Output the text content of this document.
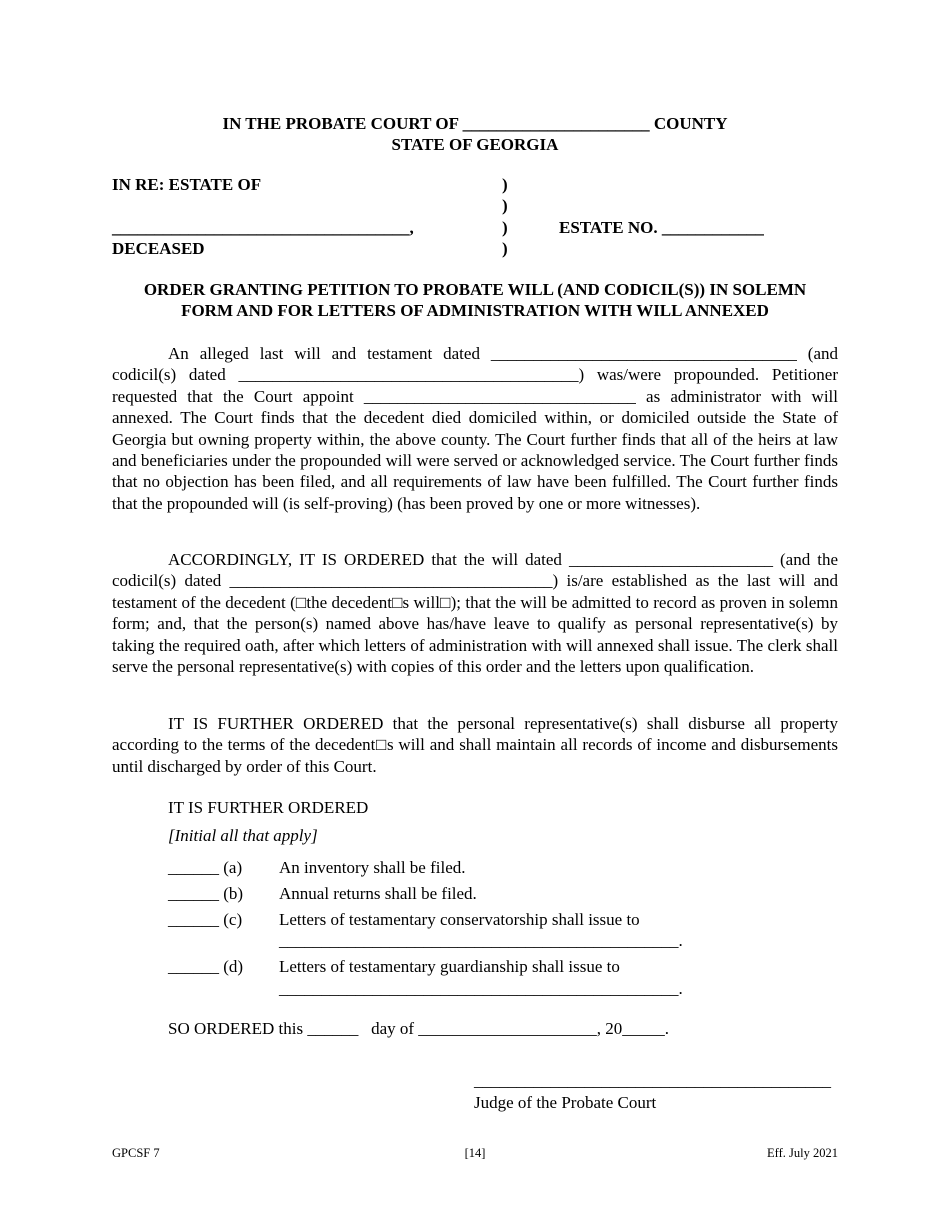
IN THE PROBATE COURT OF ______________________ COUNTY
STATE OF GEORGIA
IN RE: ESTATE OF
___________________________________,
DECEASED
)
)
)
)
ESTATE NO. ____________
ORDER GRANTING PETITION TO PROBATE WILL (AND CODICIL(S)) IN SOLEMN
FORM AND FOR LETTERS OF ADMINISTRATION WITH WILL ANNEXED
An alleged last will and testament dated ____________________________________ (and codicil(s) dated ________________________________________) was/were propounded. Petitioner requested that the Court appoint ________________________________ as administrator with will annexed. The Court finds that the decedent died domiciled within, or domiciled outside the State of Georgia but owning property within, the above county. The Court further finds that all of the heirs at law and beneficiaries under the propounded will were served or acknowledged service. The Court further finds that no objection has been filed, and all requirements of law have been fulfilled. The Court further finds that the propounded will (is self-proving) (has been proved by one or more witnesses).
ACCORDINGLY, IT IS ORDERED that the will dated ________________________ (and the codicil(s) dated ______________________________________) is/are established as the last will and testament of the decedent (□the decedent□s will□); that the will be admitted to record as proven in solemn form; and, that the person(s) named above has/have leave to qualify as personal representative(s) by taking the required oath, after which letters of administration with will annexed shall issue. The clerk shall serve the personal representative(s) with copies of this order and the letters upon qualification.
IT IS FURTHER ORDERED that the personal representative(s) shall disburse all property according to the terms of the decedent□s will and shall maintain all records of income and disbursements until discharged by order of this Court.
IT IS FURTHER ORDERED
[Initial all that apply]
______ (a) An inventory shall be filed.
______ (b) Annual returns shall be filed.
______ (c) Letters of testamentary conservatorship shall issue to
_______________________________________________.
______ (d) Letters of testamentary guardianship shall issue to
_______________________________________________.
SO ORDERED this ______   day of _____________________, 20_____.
__________________________________________
Judge of the Probate Court
GPCSF 7	[14]	Eff. July 2021
